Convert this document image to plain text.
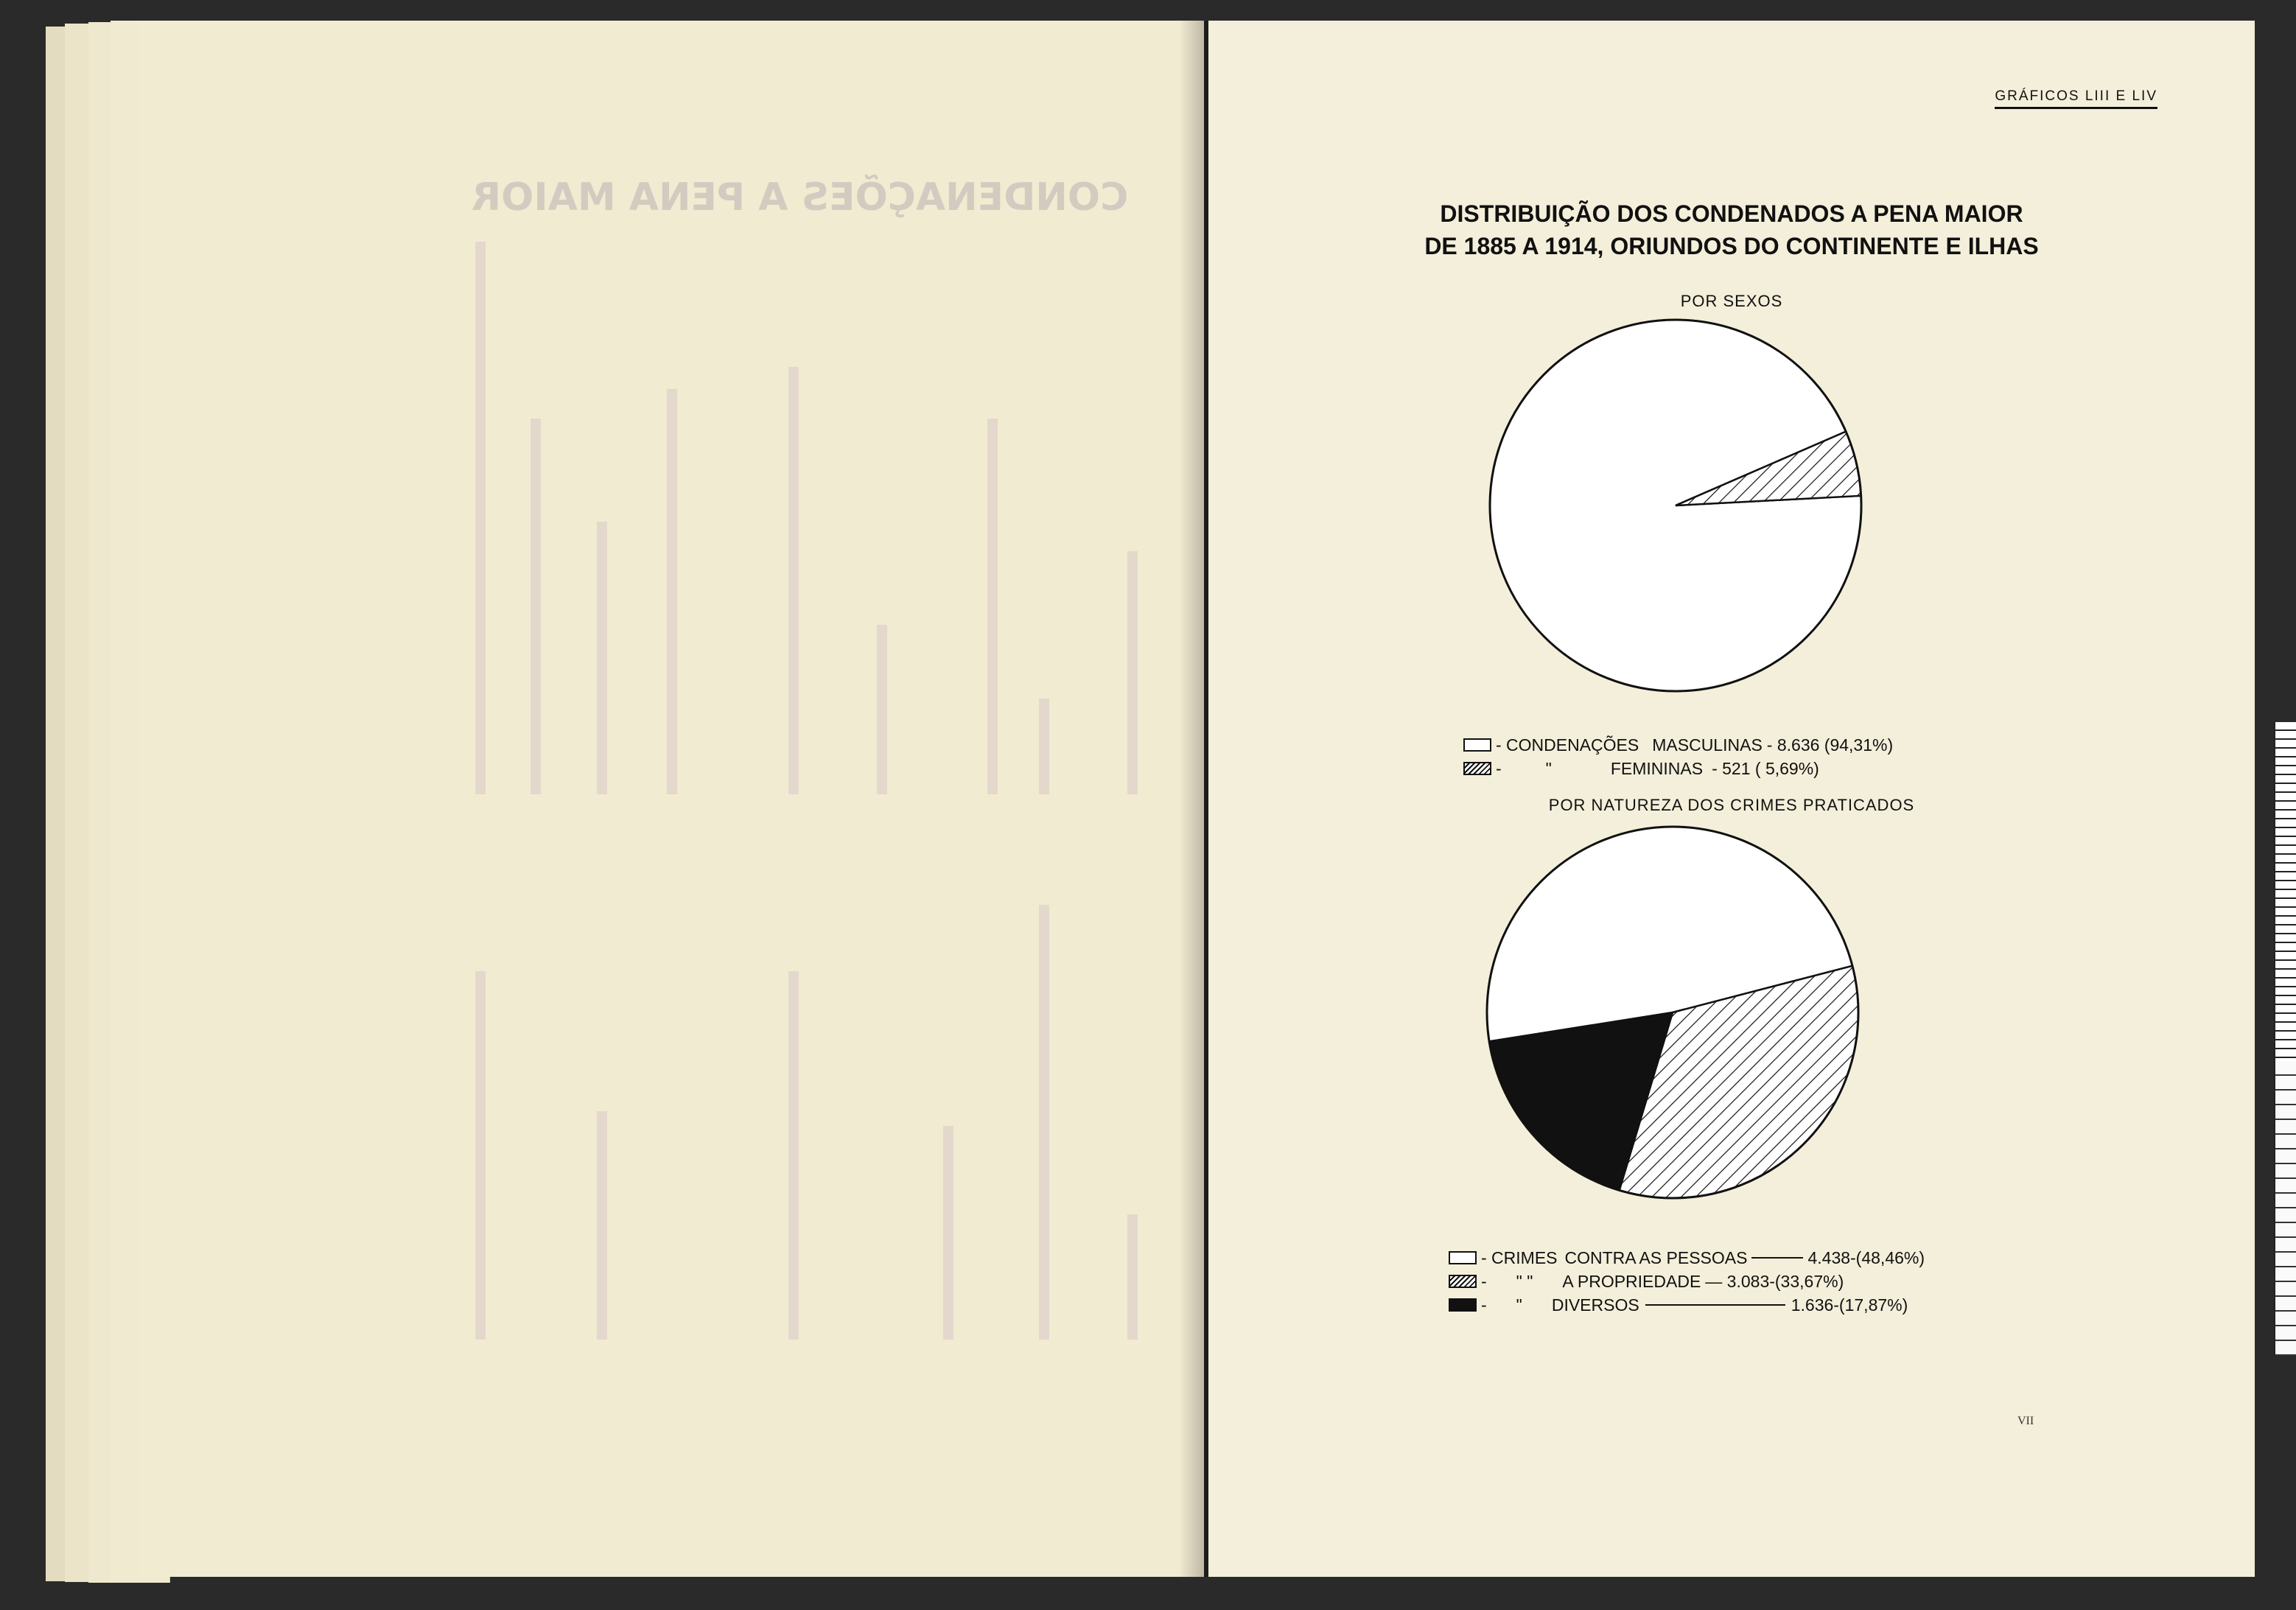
CONDENAÇÕES A PENA MAIOR
GRÁFICOS LIII E LIV
DISTRIBUIÇÃO DOS CONDENADOS A PENA MAIOR
DE 1885 A 1914, ORIUNDOS DO CONTINENTE E ILHAS
POR SEXOS
POR NATUREZA DOS CRIMES PRATICADOS
- CONDENAÇÕES MASCULINAS - 8.636 (94,31%)
-	"	FEMININAS - 521 ( 5,69%)
- CRIMES CONTRA AS PESSOAS	4.438-(48,46%)
- " " A PROPRIEDADE — 3.083-(33,67%)
- " DIVERSOS	1.636-(17,87%)
VII
